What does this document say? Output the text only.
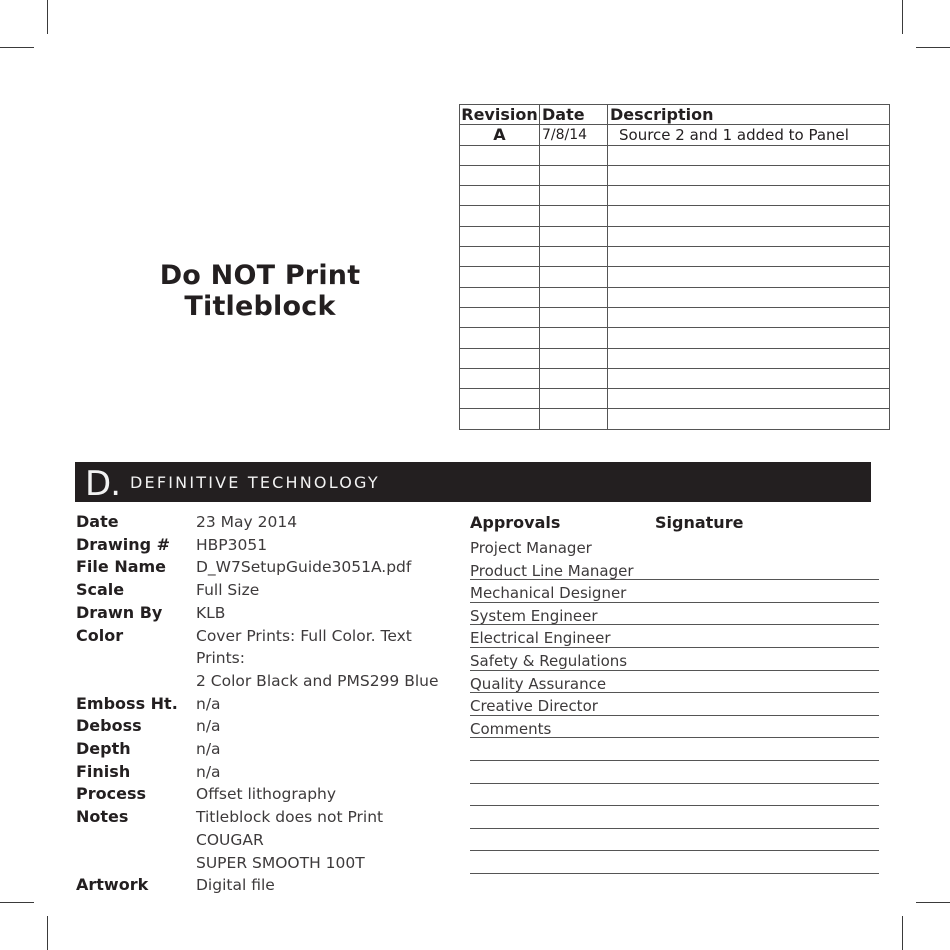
Do NOT Print
Titleblock
Revision	Date	Description
A	7/8/14	Source 2 and 1 added to Panel

D. DEFINITIVE TECHNOLOGY
Date	23 May 2014
Drawing #	HBP3051
File Name	D_W7SetupGuide3051A.pdf
Scale	Full Size
Drawn By	KLB
Color	Cover Prints: Full Color. Text Prints:
2 Color Black and PMS299 Blue
Emboss Ht.	n/a
Deboss	n/a
Depth	n/a
Finish	n/a
Process	Offset lithography
Notes	Titleblock does not Print COUGAR
SUPER SMOOTH 100T
Artwork	Digital file
Approvals	Signature
Project Manager
Product Line Manager
Mechanical Designer
System Engineer
Electrical Engineer
Safety & Regulations
Quality Assurance
Creative Director
Comments
